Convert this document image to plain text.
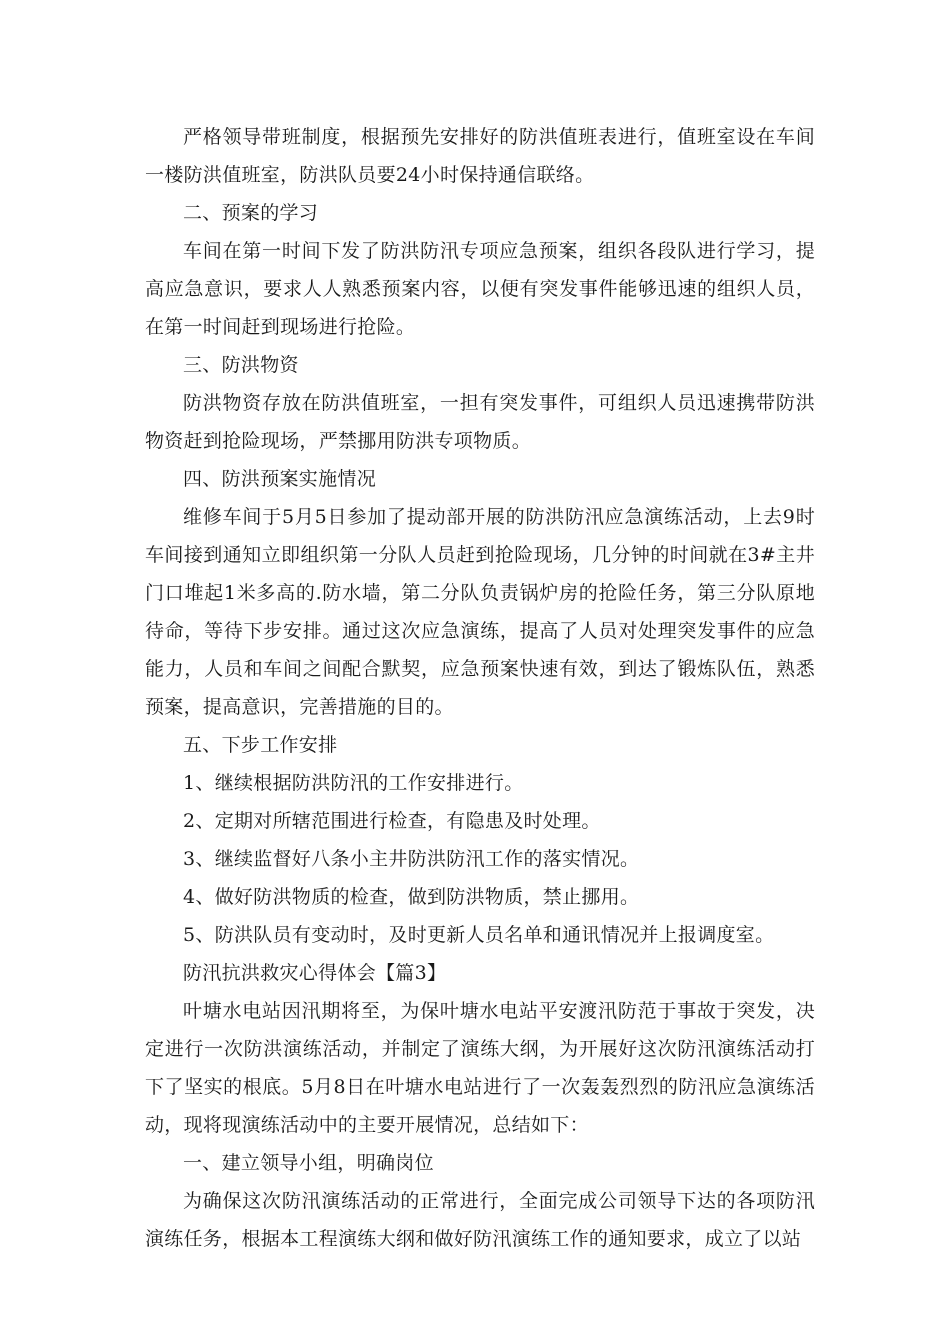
严格领导带班制度，根据预先安排好的防洪值班表进行，值班室设在车间一楼防洪值班室，防洪队员要24小时保持通信联络。

二、预案的学习

车间在第一时间下发了防洪防汛专项应急预案，组织各段队进行学习，提高应急意识，要求人人熟悉预案内容，以便有突发事件能够迅速的组织人员，在第一时间赶到现场进行抢险。

三、防洪物资

防洪物资存放在防洪值班室，一担有突发事件，可组织人员迅速携带防洪物资赶到抢险现场，严禁挪用防洪专项物质。

四、防洪预案实施情况

维修车间于5月5日参加了提动部开展的防洪防汛应急演练活动，上去9时车间接到通知立即组织第一分队人员赶到抢险现场，几分钟的时间就在3#主井门口堆起1米多高的.防水墙，第二分队负责锅炉房的抢险任务，第三分队原地待命，等待下步安排。通过这次应急演练，提高了人员对处理突发事件的应急能力，人员和车间之间配合默契，应急预案快速有效，到达了锻炼队伍，熟悉预案，提高意识，完善措施的目的。

五、下步工作安排

1、继续根据防洪防汛的工作安排进行。

2、定期对所辖范围进行检查，有隐患及时处理。

3、继续监督好八条小主井防洪防汛工作的落实情况。

4、做好防洪物质的检查，做到防洪物质，禁止挪用。

5、防洪队员有变动时，及时更新人员名单和通讯情况并上报调度室。

防汛抗洪救灾心得体会【篇3】

叶塘水电站因汛期将至，为保叶塘水电站平安渡汛防范于事故于突发，决定进行一次防洪演练活动，并制定了演练大纲，为开展好这次防汛演练活动打下了坚实的根底。5月8日在叶塘水电站进行了一次轰轰烈烈的防汛应急演练活动，现将现演练活动中的主要开展情况，总结如下：

一、建立领导小组，明确岗位

为确保这次防汛演练活动的正常进行，全面完成公司领导下达的各项防汛演练任务，根据本工程演练大纲和做好防汛演练工作的通知要求，成立了以站
